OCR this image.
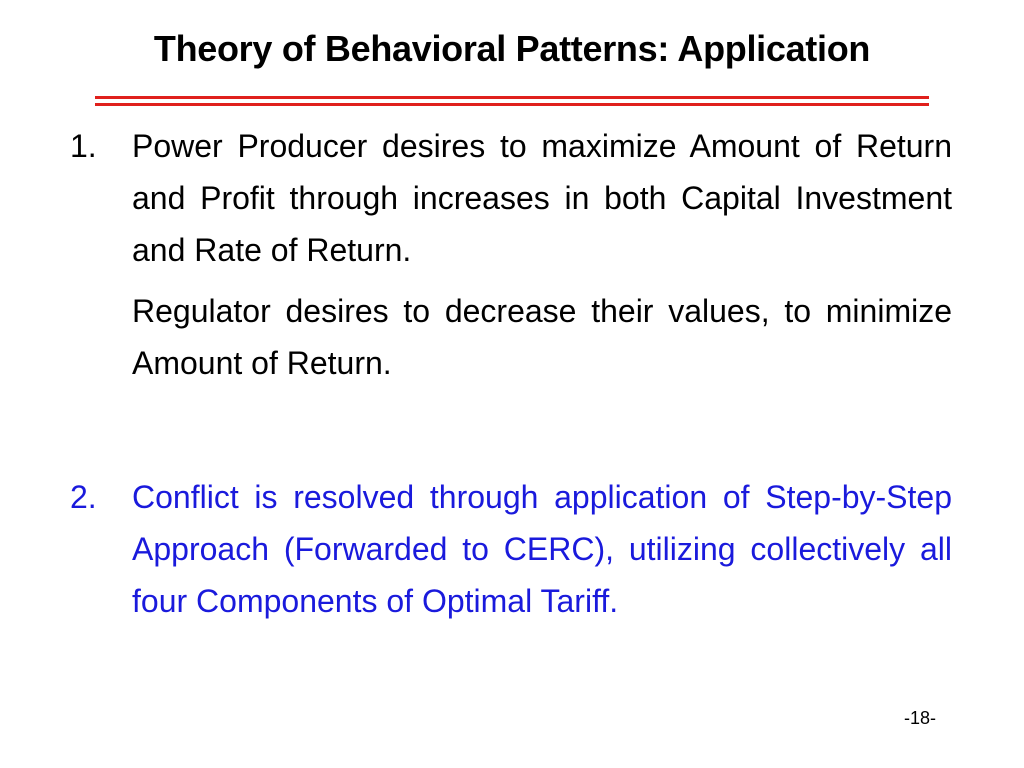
Theory of Behavioral Patterns: Application
1.	Power Producer desires to maximize Amount of Return and Profit through increases in both Capital Investment and Rate of Return.

Regulator desires to decrease their values, to minimize Amount of Return.

2.	Conflict is resolved through application of Step-by-Step Approach (Forwarded to CERC), utilizing collectively all four Components of Optimal Tariff.

-18-
